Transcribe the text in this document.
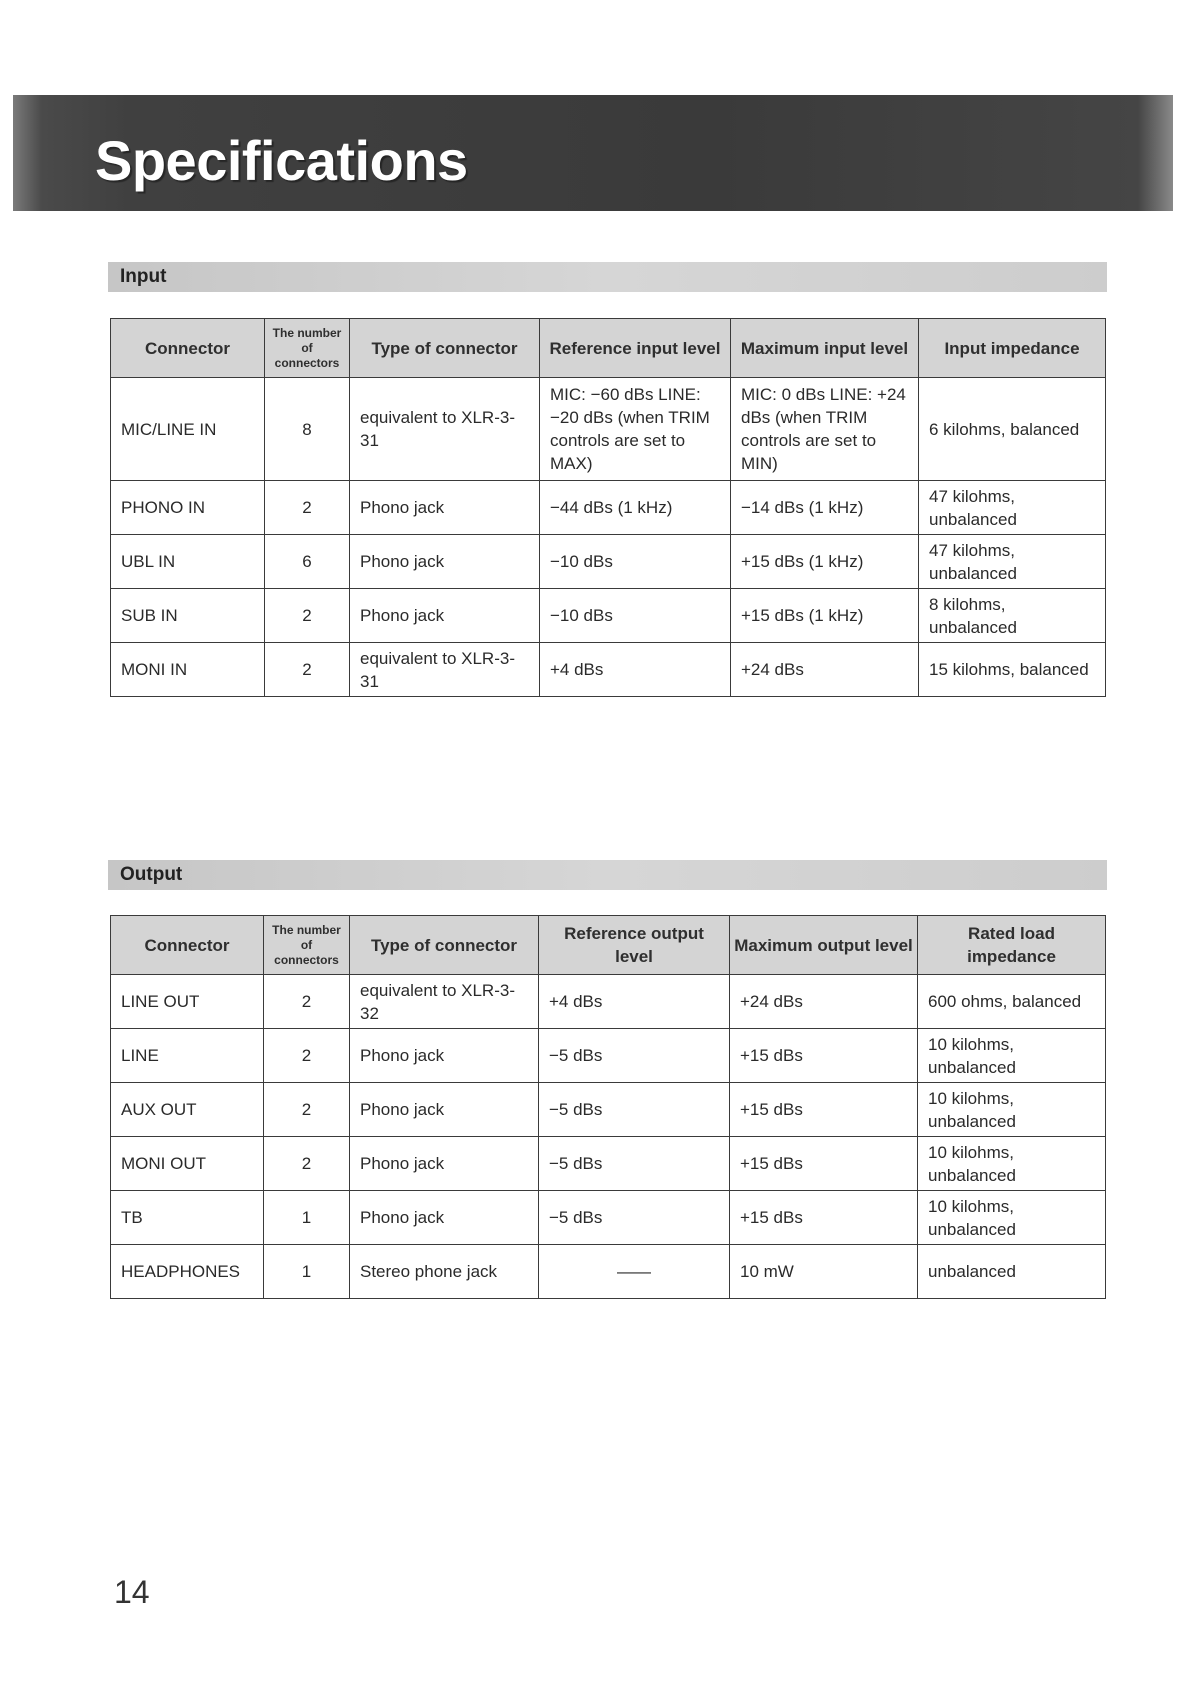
Specifications
Input
Connector	The number of connectors	Type of connector	Reference input level	Maximum input level	Input impedance
MIC/LINE IN	8	equivalent to XLR-3-31	MIC: −60 dBs LINE: −20 dBs (when TRIM controls are set to MAX)	MIC: 0 dBs LINE: +24 dBs (when TRIM controls are set to MIN)	6 kilohms, balanced
PHONO IN	2	Phono jack	−44 dBs (1 kHz)	−14 dBs (1 kHz)	47 kilohms, unbalanced
UBL IN	6	Phono jack	−10 dBs	+15 dBs (1 kHz)	47 kilohms, unbalanced
SUB IN	2	Phono jack	−10 dBs	+15 dBs (1 kHz)	8 kilohms, unbalanced
MONI IN	2	equivalent to XLR-3-31	+4 dBs	+24 dBs	15 kilohms, balanced
Output
Connector	The number of connectors	Type of connector	Reference output level	Maximum output level	Rated load impedance
LINE OUT	2	equivalent to XLR-3-32	+4 dBs	+24 dBs	600 ohms, balanced
LINE	2	Phono jack	−5 dBs	+15 dBs	10 kilohms, unbalanced
AUX OUT	2	Phono jack	−5 dBs	+15 dBs	10 kilohms, unbalanced
MONI OUT	2	Phono jack	−5 dBs	+15 dBs	10 kilohms, unbalanced
TB	1	Phono jack	−5 dBs	+15 dBs	10 kilohms, unbalanced
HEADPHONES	1	Stereo phone jack	——	10 mW	unbalanced
14
